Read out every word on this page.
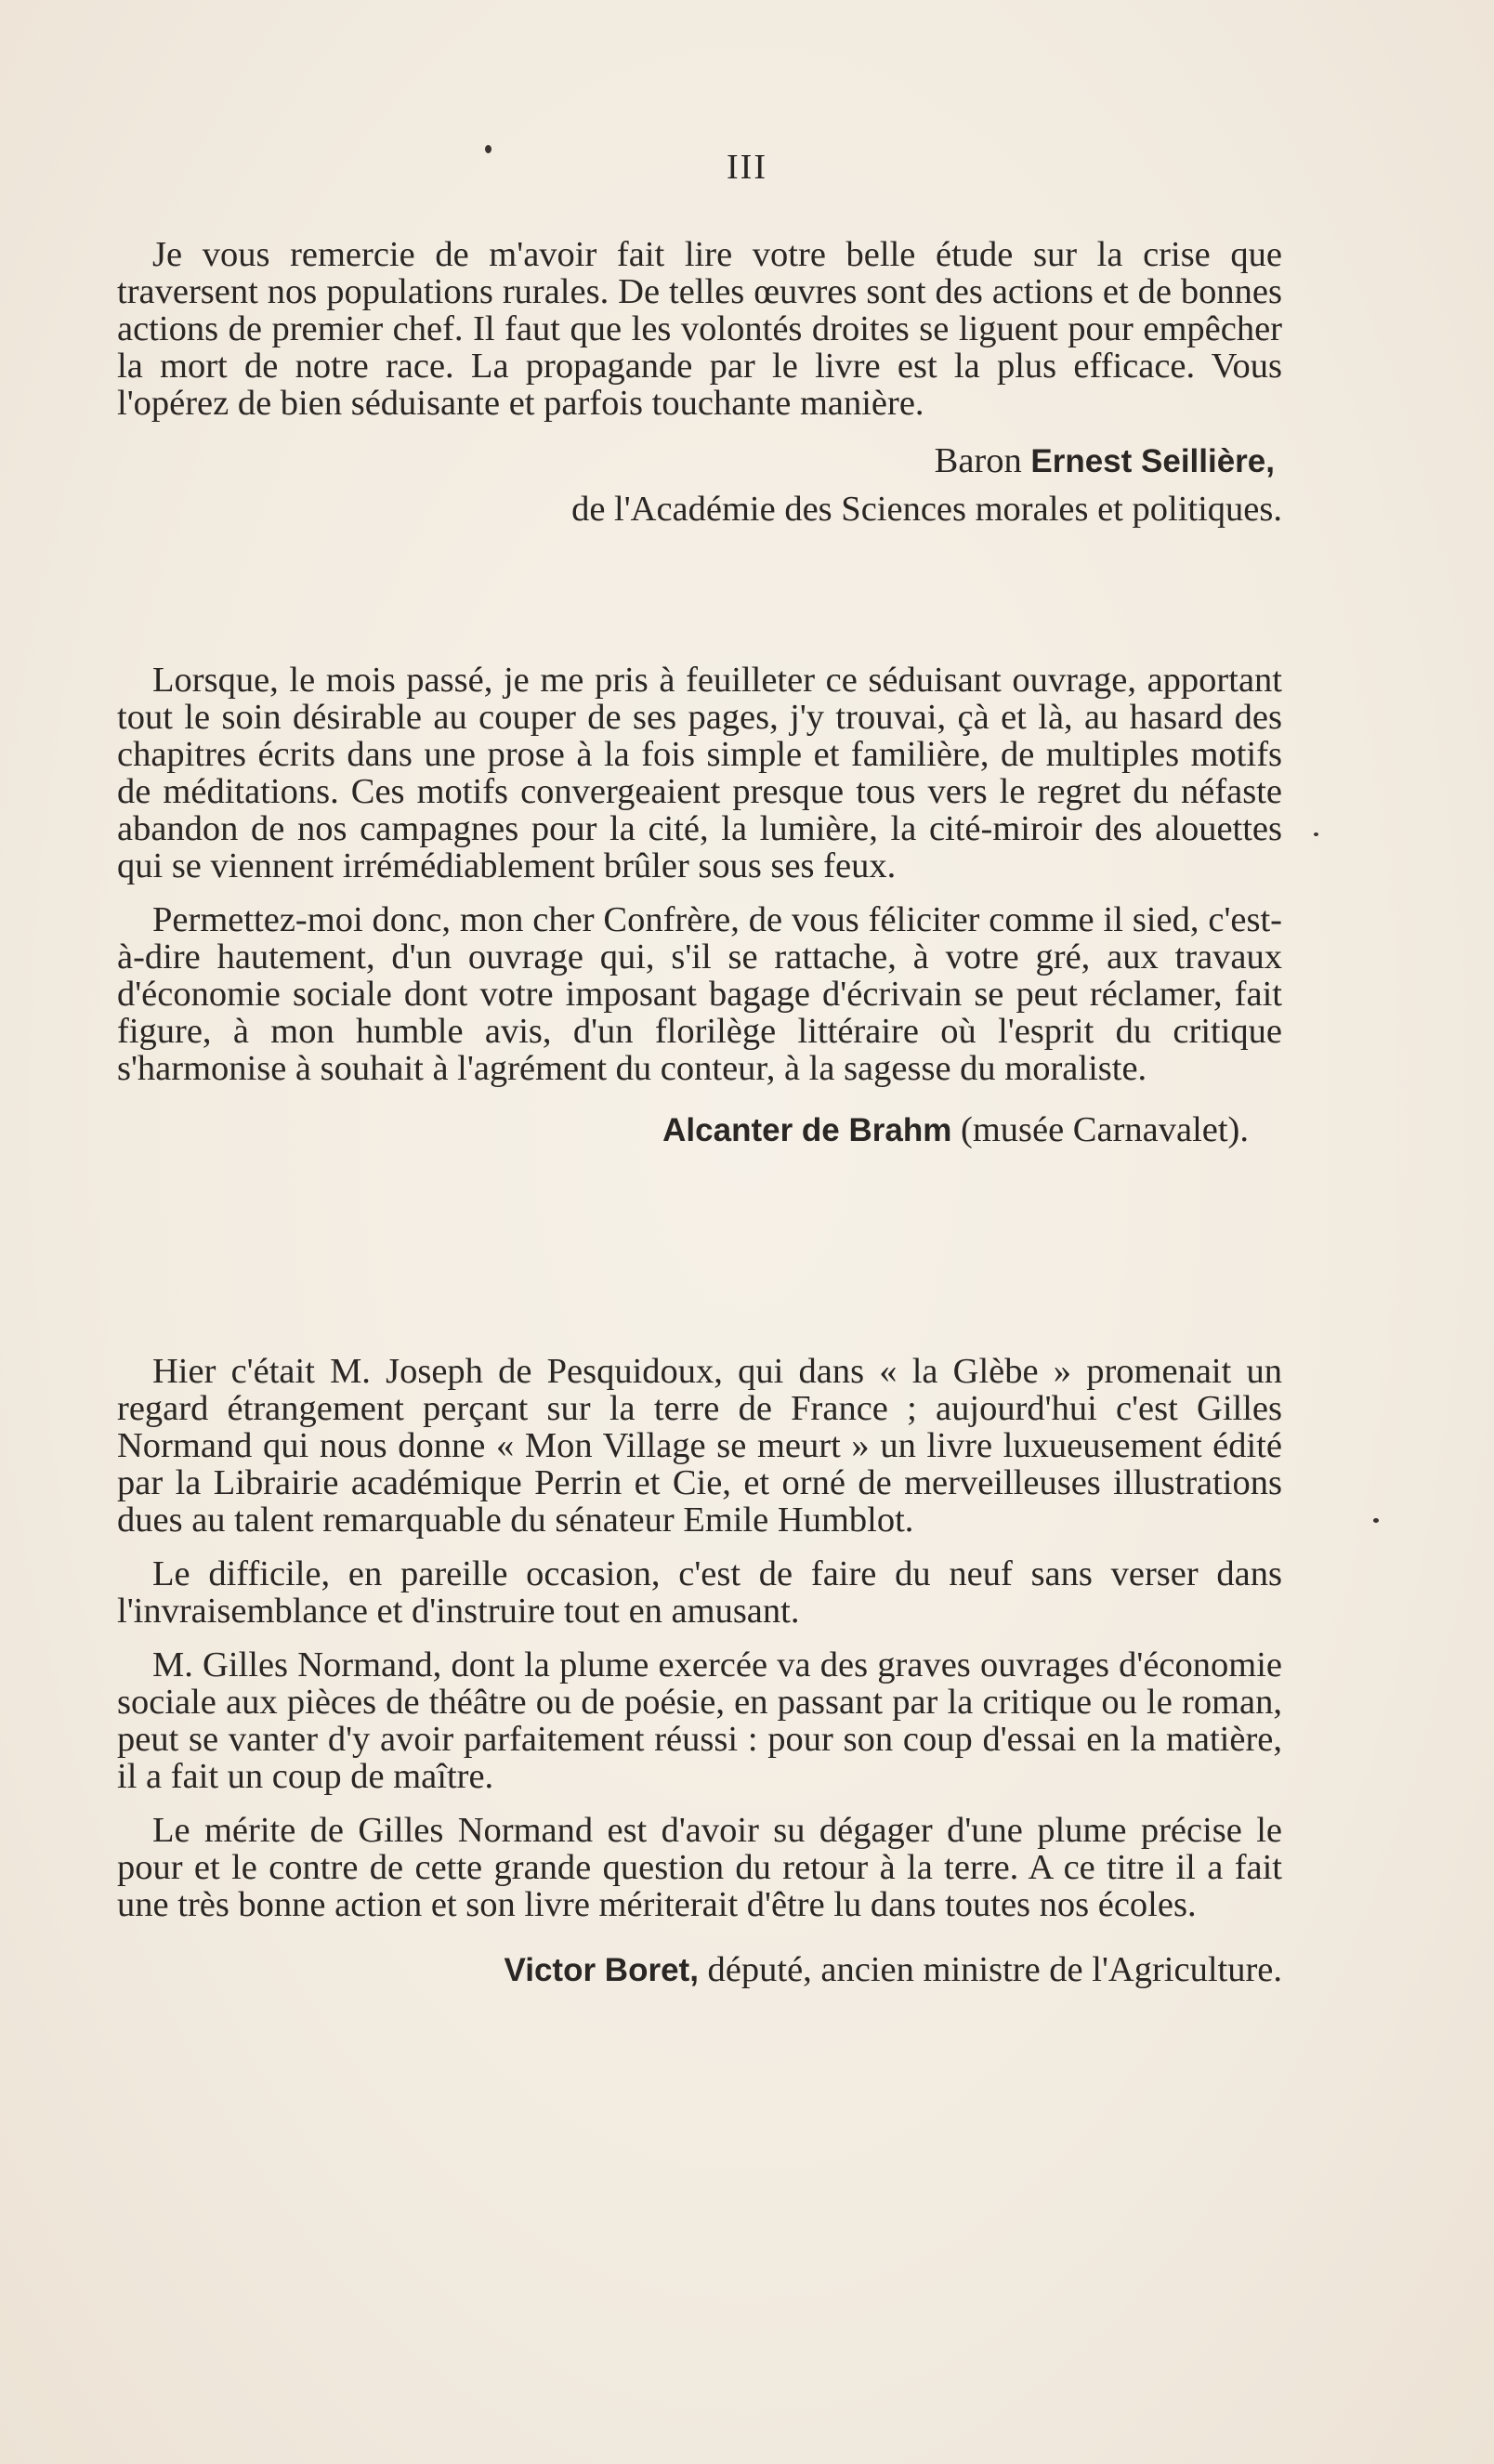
III

Je vous remercie de m'avoir fait lire votre belle étude sur la crise que traversent nos populations rurales. De telles œuvres sont des actions et de bonnes actions de premier chef. Il faut que les volontés droites se liguent pour empêcher la mort de notre race. La propagande par le livre est la plus efficace. Vous l'opérez de bien séduisante et parfois touchante manière.

Baron Ernest Seillière,

de l'Académie des Sciences morales et politiques.

Lorsque, le mois passé, je me pris à feuilleter ce séduisant ouvrage, apportant tout le soin désirable au couper de ses pages, j'y trouvai, çà et là, au hasard des chapitres écrits dans une prose à la fois simple et familière, de multiples motifs de méditations. Ces motifs convergeaient presque tous vers le regret du néfaste abandon de nos campagnes pour la cité, la lumière, la cité-miroir des alouettes qui se viennent irrémédiablement brûler sous ses feux.

Permettez-moi donc, mon cher Confrère, de vous féliciter comme il sied, c'est-à-dire hautement, d'un ouvrage qui, s'il se rattache, à votre gré, aux travaux d'économie sociale dont votre imposant bagage d'écrivain se peut réclamer, fait figure, à mon humble avis, d'un florilège littéraire où l'esprit du critique s'harmonise à souhait à l'agrément du conteur, à la sagesse du moraliste.

Alcanter de Brahm (musée Carnavalet).

Hier c'était M. Joseph de Pesquidoux, qui dans « la Glèbe » promenait un regard étrangement perçant sur la terre de France ; aujourd'hui c'est Gilles Normand qui nous donne « Mon Village se meurt » un livre luxueusement édité par la Librairie académique Perrin et Cie, et orné de merveilleuses illustrations dues au talent remarquable du sénateur Emile Humblot.

Le difficile, en pareille occasion, c'est de faire du neuf sans verser dans l'invraisemblance et d'instruire tout en amusant.

M. Gilles Normand, dont la plume exercée va des graves ouvrages d'économie sociale aux pièces de théâtre ou de poésie, en passant par la critique ou le roman, peut se vanter d'y avoir parfaitement réussi : pour son coup d'essai en la matière, il a fait un coup de maître.

Le mérite de Gilles Normand est d'avoir su dégager d'une plume précise le pour et le contre de cette grande question du retour à la terre. A ce titre il a fait une très bonne action et son livre mériterait d'être lu dans toutes nos écoles.

Victor Boret, député, ancien ministre de l'Agriculture.
